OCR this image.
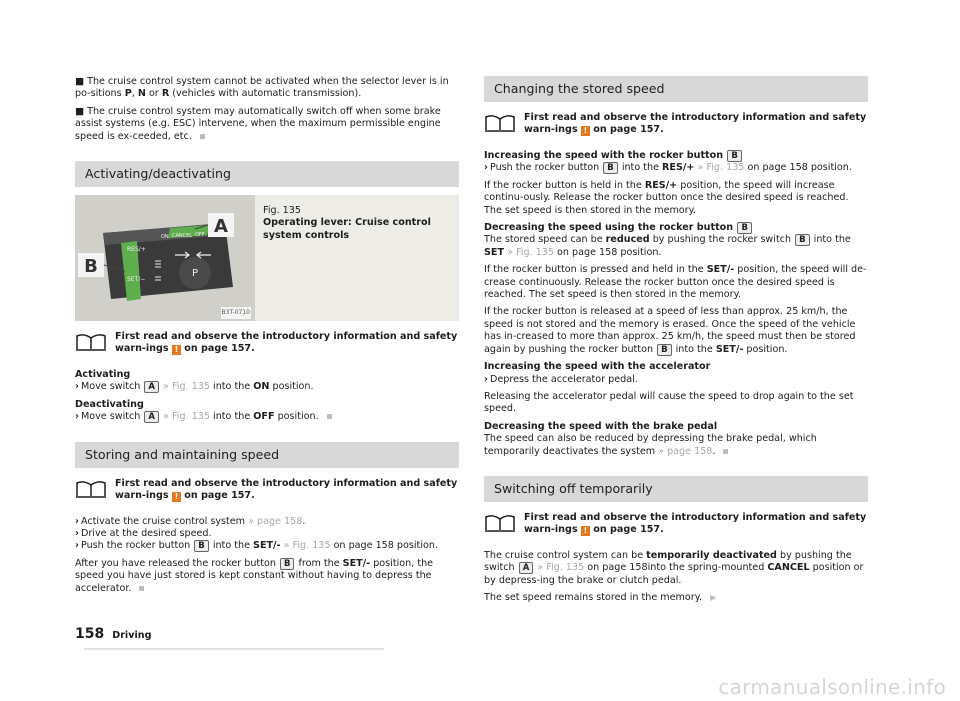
■ The cruise control system cannot be activated when the selector lever is in po-sitions P, N or R (vehicles with automatic transmission).

■ The cruise control system may automatically switch off when some brake assist systems (e.g. ESC) intervene, when the maximum permissible engine speed is ex-ceeded, etc.

Activating/deactivating
A
B
ON CANCEL OFF
RES/+
SET/−
P
B3T-0710
Fig. 135
Operating lever: Cruise control system controls
First read and observe the introductory information and safety warn-ings ! on page 157.
Activating

› Move switch A » Fig. 135 into the ON position.

Deactivating

› Move switch A » Fig. 135 into the OFF position.

Storing and maintaining speed
First read and observe the introductory information and safety warn-ings ! on page 157.
› Activate the cruise control system » page 158.
› Drive at the desired speed.

› Push the rocker button B into the SET/- » Fig. 135 on page 158 position.

After you have released the rocker button B from the SET/- position, the speed you have just stored is kept constant without having to depress the accelerator.

Changing the stored speed
First read and observe the introductory information and safety warn-ings ! on page 157.
Increasing the speed with the rocker button B

› Push the rocker button B into the RES/+ » Fig. 135 on page 158 position.

If the rocker button is held in the RES/+ position, the speed will increase continu-ously. Release the rocker button once the desired speed is reached. The set speed is then stored in the memory.

Decreasing the speed using the rocker button B

The stored speed can be reduced by pushing the rocker switch B into the SET » Fig. 135 on page 158 position.

If the rocker button is pressed and held in the SET/- position, the speed will de-crease continuously. Release the rocker button once the desired speed is reached. The set speed is then stored in the memory.

If the rocker button is released at a speed of less than approx. 25 km/h, the speed is not stored and the memory is erased. Once the speed of the vehicle has in-creased to more than approx. 25 km/h, the speed must then be stored again by pushing the rocker button B into the SET/- position.

Increasing the speed with the accelerator

› Depress the accelerator pedal.

Releasing the accelerator pedal will cause the speed to drop again to the set speed.

Decreasing the speed with the brake pedal

The speed can also be reduced by depressing the brake pedal, which temporarily deactivates the system » page 158.

Switching off temporarily
First read and observe the introductory information and safety warn-ings ! on page 157.

The cruise control system can be temporarily deactivated by pushing the switch A » Fig. 135 on page 158into the spring-mounted CANCEL position or by depress-ing the brake or clutch pedal.

The set speed remains stored in the memory. ▶

158 Driving
carmanualsonline.info
